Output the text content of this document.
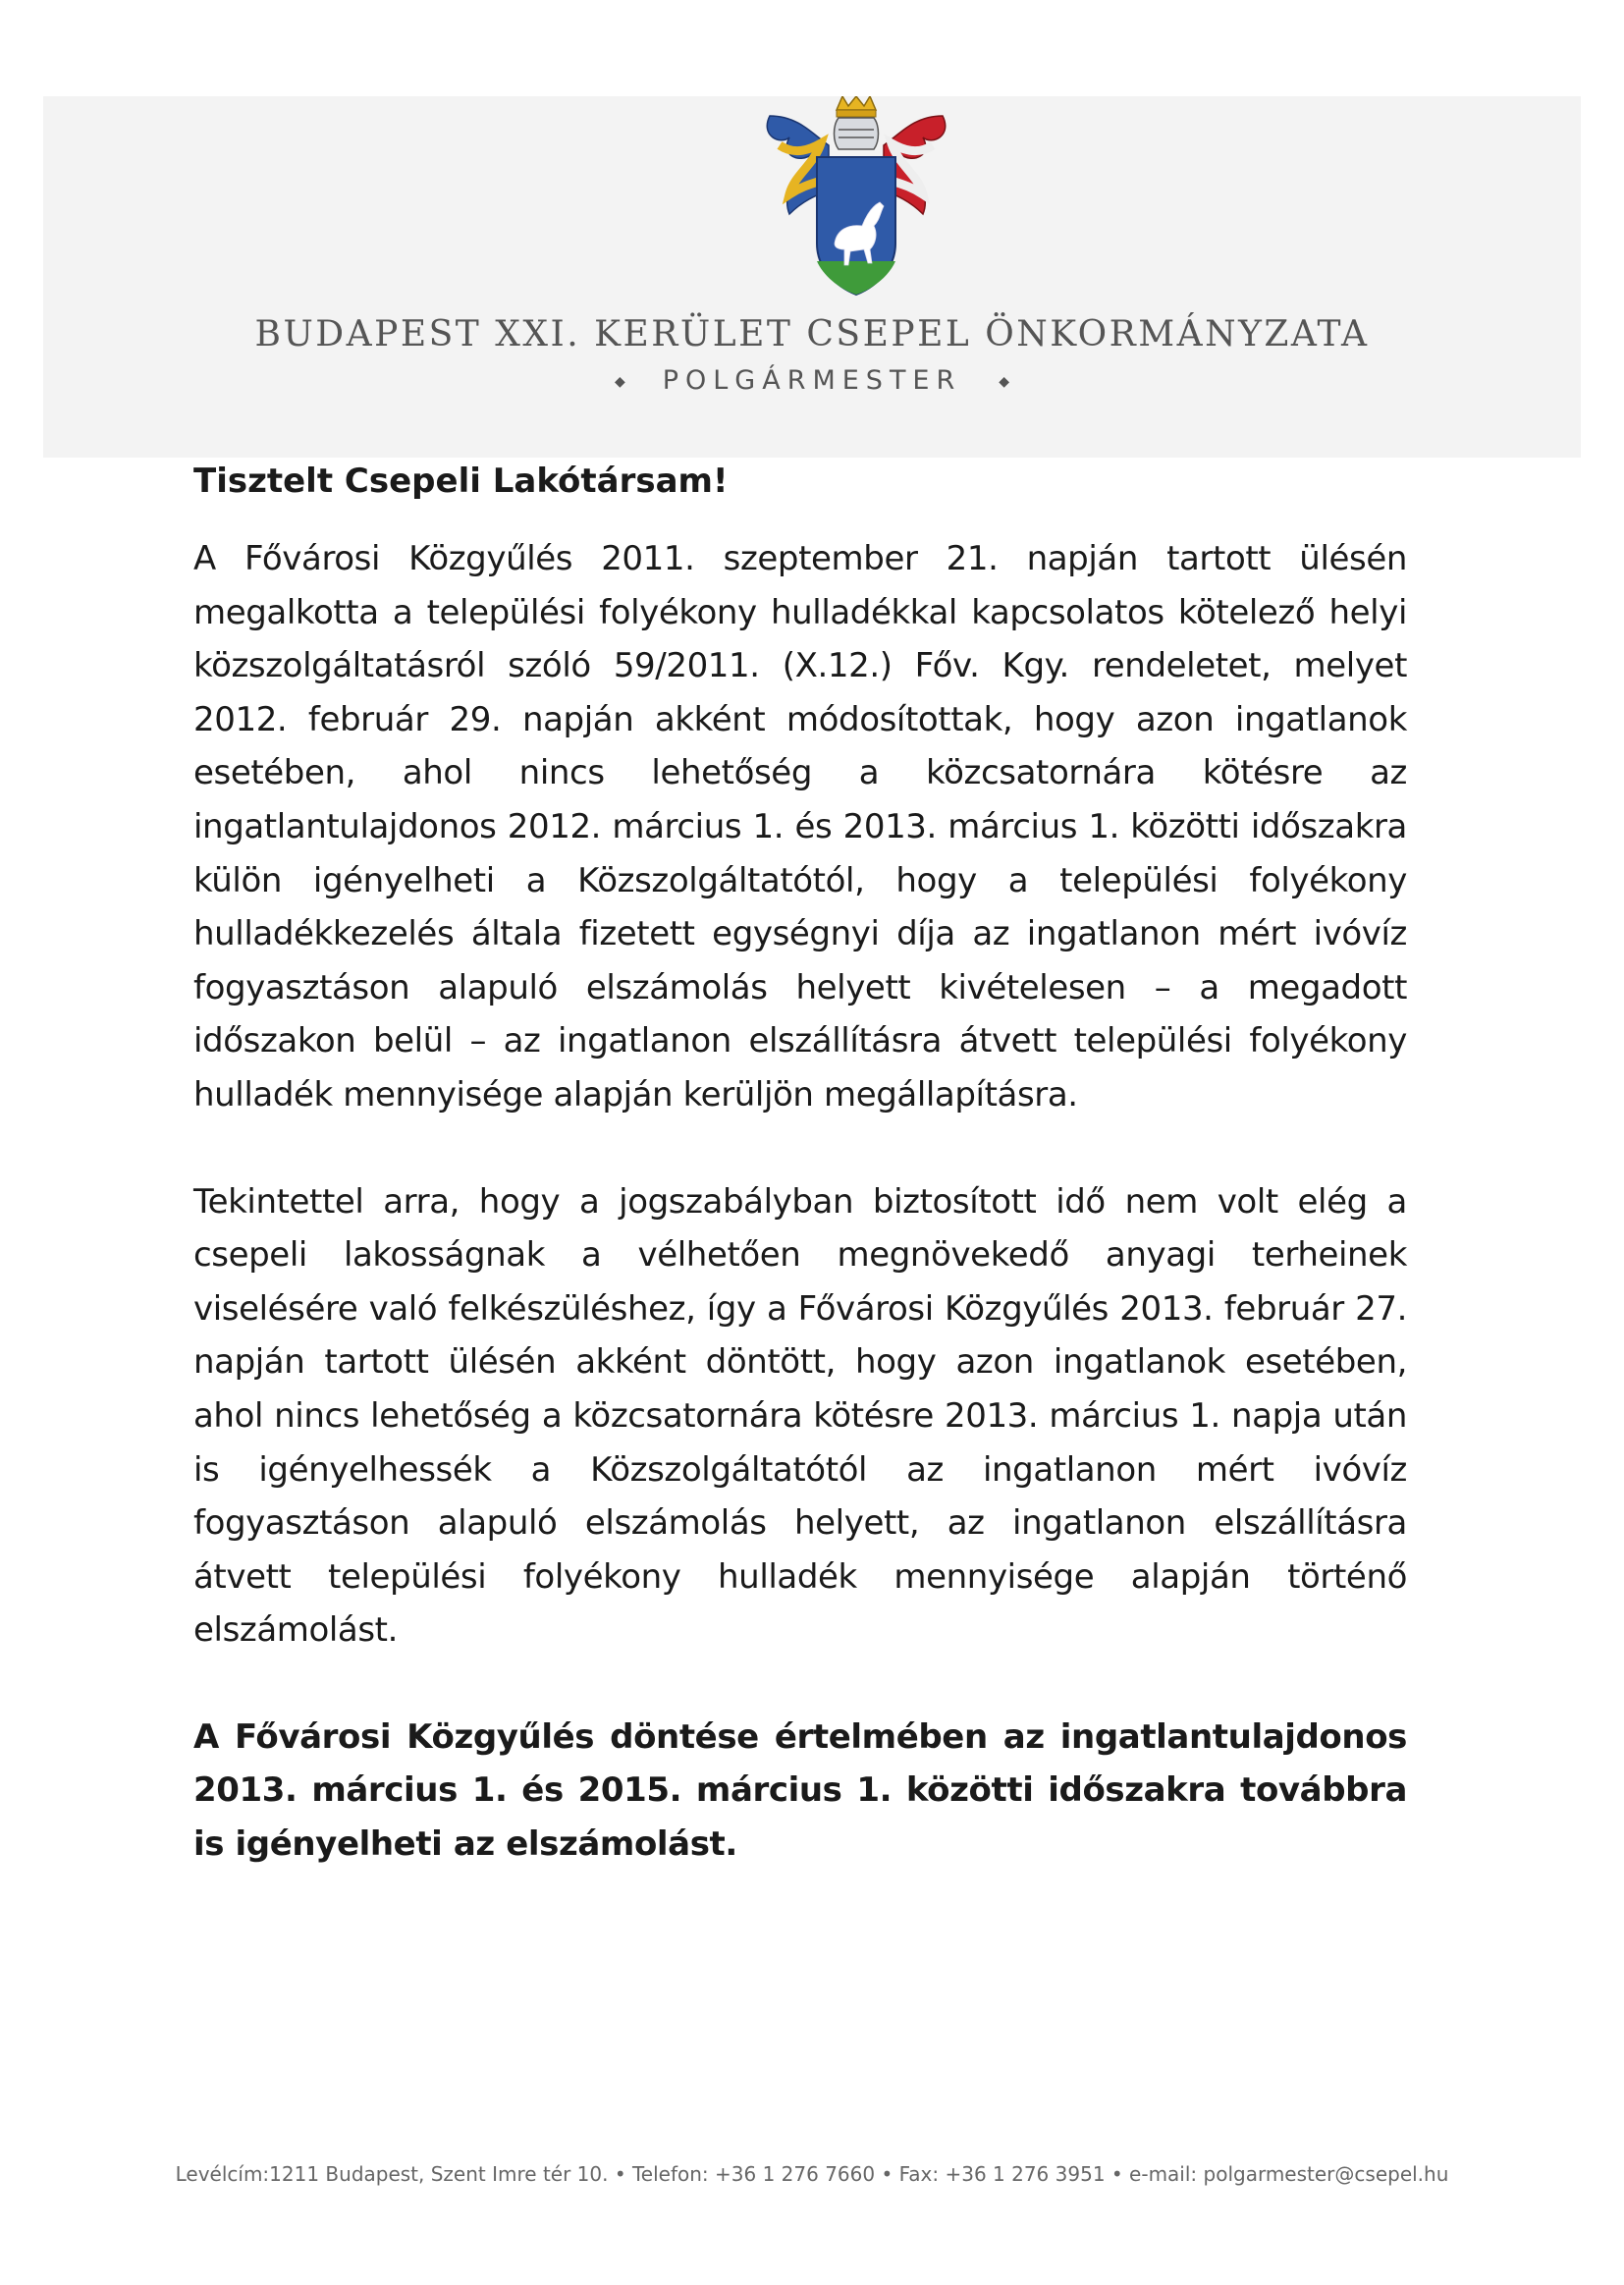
BUDAPEST XXI. KERÜLET CSEPEL ÖNKORMÁNYZATA
◆ POLGÁRMESTER	◆
Tisztelt Csepeli Lakótársam!

A Fővárosi Közgyűlés 2011. szeptember 21. napján tartott ülésén megalkotta a települési folyékony hulladékkal kapcsolatos kötelező helyi közszolgáltatásról szóló 59/2011. (X.12.) Főv. Kgy. rendeletet, melyet 2012. február 29. napján akként módosítottak, hogy azon ingatlanok esetében, ahol nincs lehetőség a közcsatornára kötésre az ingatlantulajdonos 2012. március 1. és 2013. március 1. közötti időszakra külön igényelheti a Közszolgáltatótól, hogy a települési folyékony hulladékkezelés általa fizetett egységnyi díja az ingatlanon mért ivóvíz fogyasztáson alapuló elszámolás helyett kivételesen – a megadott időszakon belül – az ingatlanon elszállításra átvett települési folyékony hulladék mennyisége alapján kerüljön megállapításra.

Tekintettel arra, hogy a jogszabályban biztosított idő nem volt elég a csepeli lakosságnak a vélhetően megnövekedő anyagi terheinek viselésére való felkészüléshez, így a Fővárosi Közgyűlés 2013. február 27. napján tartott ülésén akként döntött, hogy azon ingatlanok esetében, ahol nincs lehetőség a közcsatornára kötésre 2013. március 1. napja után is igényelhessék a Közszolgáltatótól az ingatlanon mért ivóvíz fogyasztáson alapuló elszámolás helyett, az ingatlanon elszállításra átvett települési folyékony hulladék mennyisége alapján történő elszámolást.

A Fővárosi Közgyűlés döntése értelmében az ingatlantulajdonos 2013. március 1. és 2015. március 1. közötti időszakra továbbra is igényelheti az elszámolást.

Levélcím:1211 Budapest, Szent Imre tér 10. • Telefon: +36 1 276 7660 • Fax: +36 1 276 3951 • e-mail: polgarmester@csepel.hu
